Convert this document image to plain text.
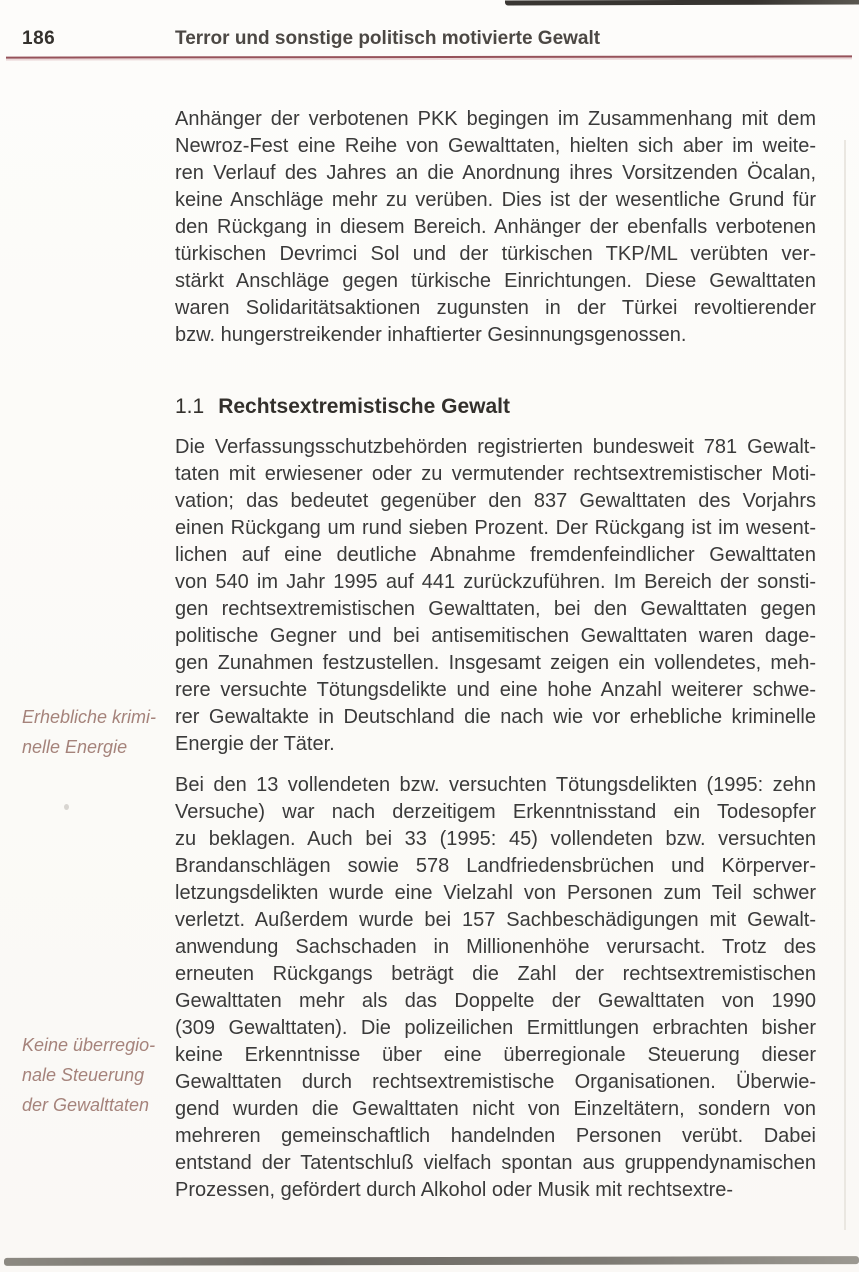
186	Terror und sonstige politisch motivierte Gewalt
Anhänger der verbotenen PKK begingen im Zusammenhang mit dem
Newroz-Fest eine Reihe von Gewalttaten, hielten sich aber im weite-
ren Verlauf des Jahres an die Anordnung ihres Vorsitzenden Öcalan,
keine Anschläge mehr zu verüben. Dies ist der wesentliche Grund für
den Rückgang in diesem Bereich. Anhänger der ebenfalls verbotenen
türkischen Devrimci Sol und der türkischen TKP/ML verübten ver-
stärkt Anschläge gegen türkische Einrichtungen. Diese Gewalttaten
waren Solidaritätsaktionen zugunsten in der Türkei revoltierender
bzw. hungerstreikender inhaftierter Gesinnungsgenossen.
1.1 Rechtsextremistische Gewalt
Die Verfassungsschutzbehörden registrierten bundesweit 781 Gewalt-
taten mit erwiesener oder zu vermutender rechtsextremistischer Moti-
vation; das bedeutet gegenüber den 837 Gewalttaten des Vorjahrs
einen Rückgang um rund sieben Prozent. Der Rückgang ist im wesent-
lichen auf eine deutliche Abnahme fremdenfeindlicher Gewalttaten
von 540 im Jahr 1995 auf 441 zurückzuführen. Im Bereich der sonsti-
gen rechtsextremistischen Gewalttaten, bei den Gewalttaten gegen
politische Gegner und bei antisemitischen Gewalttaten waren dage-
gen Zunahmen festzustellen. Insgesamt zeigen ein vollendetes, meh-
rere versuchte Tötungsdelikte und eine hohe Anzahl weiterer schwe-
rer Gewaltakte in Deutschland die nach wie vor erhebliche kriminelle
Energie der Täter.
Bei den 13 vollendeten bzw. versuchten Tötungsdelikten (1995: zehn
Versuche) war nach derzeitigem Erkenntnisstand ein Todesopfer
zu beklagen. Auch bei 33 (1995: 45) vollendeten bzw. versuchten
Brandanschlägen sowie 578 Landfriedensbrüchen und Körperver-
letzungsdelikten wurde eine Vielzahl von Personen zum Teil schwer
verletzt. Außerdem wurde bei 157 Sachbeschädigungen mit Gewalt-
anwendung Sachschaden in Millionenhöhe verursacht. Trotz des
erneuten Rückgangs beträgt die Zahl der rechtsextremistischen
Gewalttaten mehr als das Doppelte der Gewalttaten von 1990
(309 Gewalttaten). Die polizeilichen Ermittlungen erbrachten bisher
keine Erkenntnisse über eine überregionale Steuerung dieser
Gewalttaten durch rechtsextremistische Organisationen. Überwie-
gend wurden die Gewalttaten nicht von Einzeltätern, sondern von
mehreren gemeinschaftlich handelnden Personen verübt. Dabei
entstand der Tatentschluß vielfach spontan aus gruppendynamischen
Prozessen, gefördert durch Alkohol oder Musik mit rechtsextre-
Erhebliche krimi-
nelle Energie
Keine überregio-
nale Steuerung
der Gewalttaten
